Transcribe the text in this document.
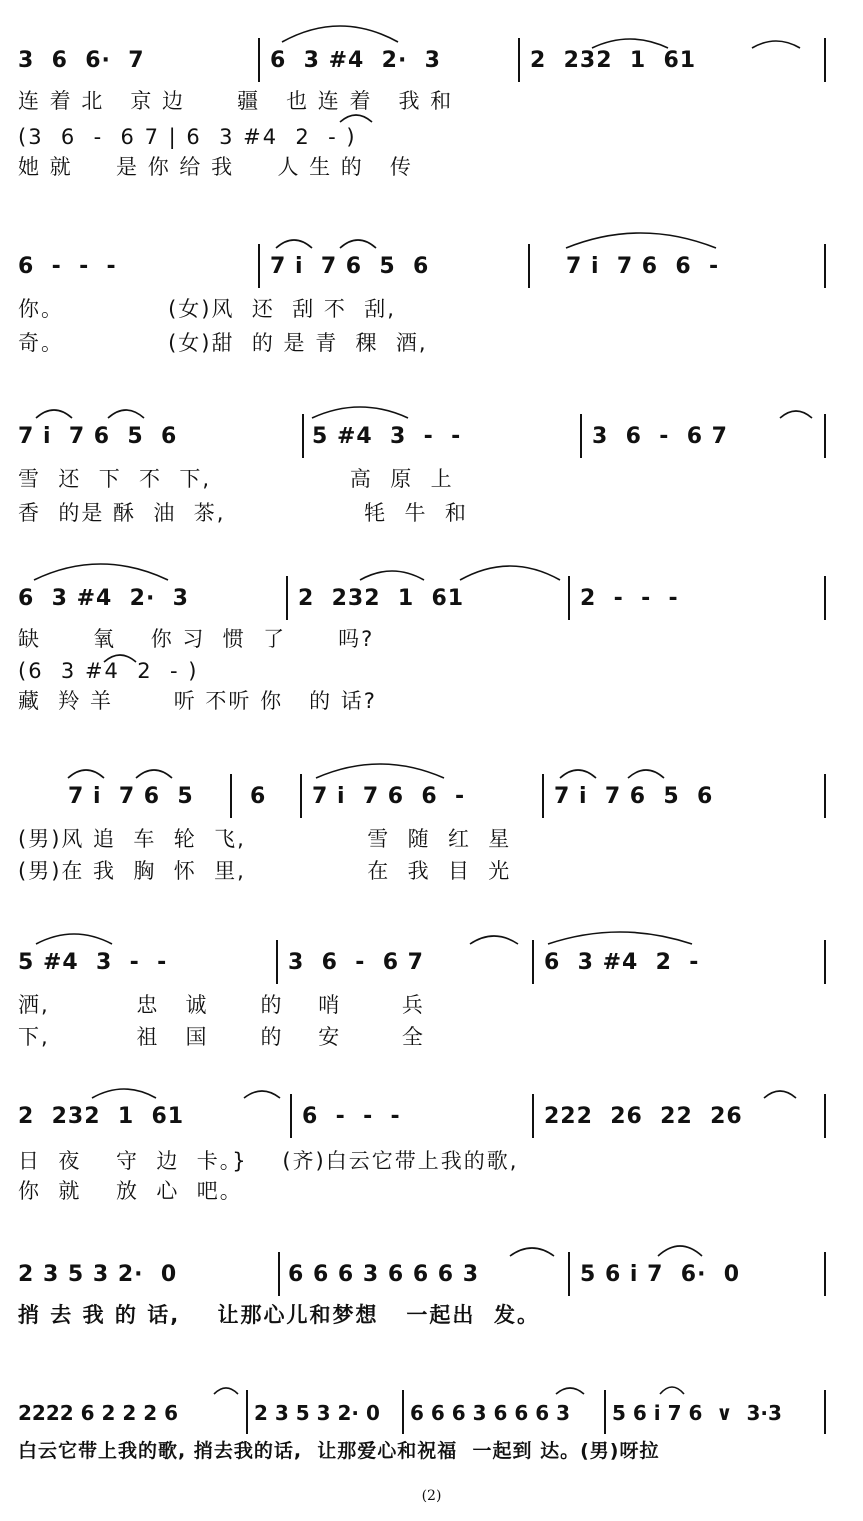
3  6  6·  7	6  3 #4  2·  3	2  232  1  61
连 着 北   京 边      疆   也 连 着   我 和
(3  6  -  6 7 | 6  3 #4  2  - )
她 就     是 你 给 我     人 生 的   传
6  -  -  -	7 i  7 6  5  6	7 i  7 6  6  -
你。            (女)风  还  刮 不  刮,
奇。            (女)甜  的 是 青  稞  酒,
7 i  7 6  5  6	5 #4  3  -  -	3  6  -  6 7
雪  还  下  不  下,                高  原  上
香  的是 酥  油  茶,                牦  牛  和
6  3 #4  2·  3	2  232  1  61	2  -  -  -
缺      氧    你 习  惯  了      吗?
(6  3 #4  2  - )
藏  羚 羊       听 不听 你   的 话?
7 i  7 6  5	6 7 i  7 6  6  -	7 i  7 6  5  6
(男)风 追  车  轮  飞,              雪  随  红  星
(男)在 我  胸  怀  里,              在  我  目  光
5 #4  3  -  -	3  6  -  6 7	6  3 #4  2  -
洒,          忠   诚      的    哨       兵
下,          祖   国      的    安       全
2  232  1  61	6  -  -  -	222  26  22  26
日  夜    守  边  卡。}    (齐)白云它带上我的歌,
你  就    放  心  吧。
2 3 5 3 2·  0	6 6 6 3 6 6 6 3	5 6 i 7  6·  0
捎 去 我 的 话,    让那心儿和梦想   一起出  发。
2222 6 2 2 2 6	2 3 5 3 2· 0 6 6 6 3 6 6 6 3 5 6 i 7 6  ∨  3·3
白云它带上我的歌, 捎去我的话,  让那爱心和祝福  一起到 达。(男)呀拉
(2)
